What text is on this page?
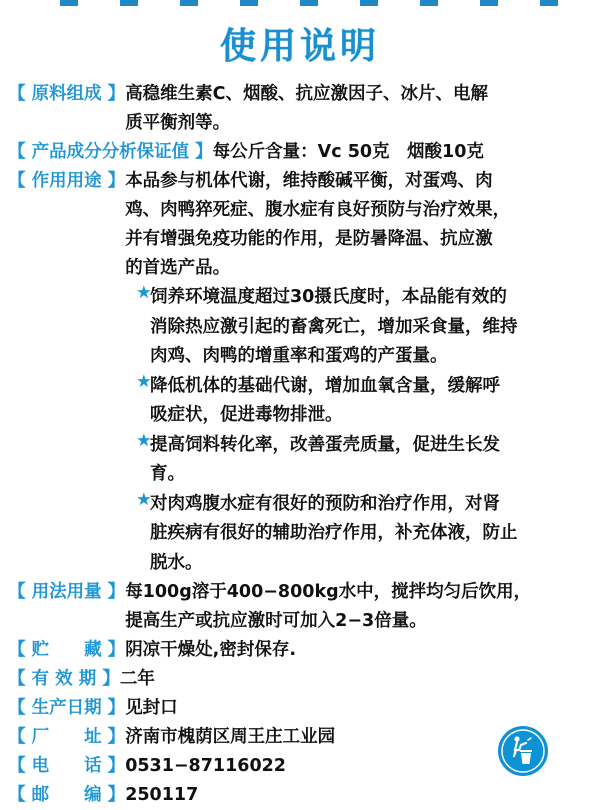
使用说明
【 原料组成 】 高稳维生素C、烟酸、抗应激因子、冰片、电解
质平衡剂等。
【 产品成分分析保证值 】 每公斤含量：Vc 50克　烟酸10克
【 作用用途 】 本品参与机体代谢，维持酸碱平衡，对蛋鸡、肉
鸡、肉鸭猝死症、腹水症有良好预防与治疗效果，
并有增强免疫功能的作用，是防暑降温、抗应激
的首选产品。
★
饲养环境温度超过30摄氏度时，本品能有效的
消除热应激引起的畜禽死亡，增加采食量，维持
肉鸡、肉鸭的增重率和蛋鸡的产蛋量。
★
降低机体的基础代谢，增加血氧含量，缓解呼
吸症状，促进毒物排泄。
★
提高饲料转化率，改善蛋壳质量，促进生长发
育。
★
对肉鸡腹水症有很好的预防和治疗作用，对肾
脏疾病有很好的辅助治疗作用，补充体液，防止
脱水。
【 用法用量 】 每100g溶于400−800kg水中，搅拌均匀后饮用，
提高生产或抗应激时可加入2−3倍量。
【 贮　　藏 】 阴凉干燥处,密封保存.
【 有 效 期 】 二年
【 生产日期 】 见封口
【 厂　　址 】 济南市槐荫区周王庄工业园
【 电　　话 】 0531−87116022
【 邮　　编 】 250117
